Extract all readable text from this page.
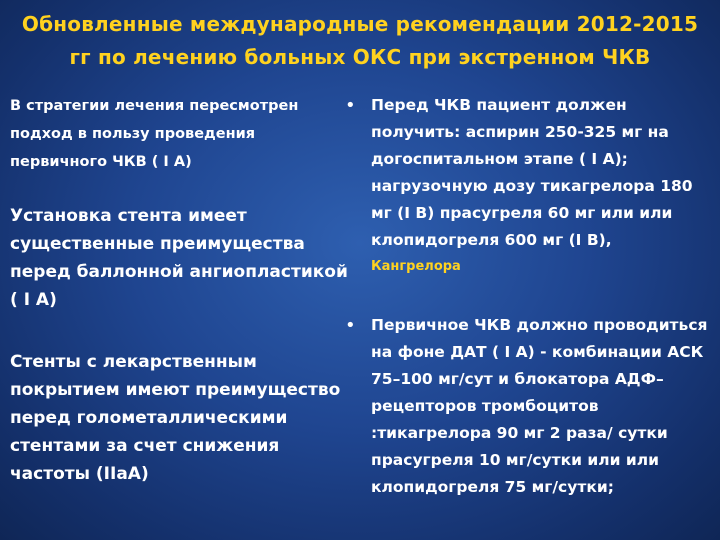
Обновленные международные рекомендации 2012-2015 гг по лечению больных ОКС при экстренном ЧКВ

В стратегии лечения пересмотрен подход в пользу проведения первичного ЧКВ ( I А)

Установка стента имеет существенные преимущества перед баллонной ангиопластикой ( I А)

Стенты с лекарственным покрытием имеют преимущество перед голометаллическими стентами за счет снижения частоты (IIaA)

• Перед ЧКВ пациент должен получить: аспирин 250-325 мг на догоспитальном этапе ( I А); нагрузочную дозу тикагрелора 180 мг (I B) прасугреля 60 мг или или клопидогреля 600 мг (I B),

Кангрелора
• Первичное ЧКВ должно проводиться на фоне ДАТ ( I А) - комбинации АСК 75–100 мг/сут и блокатора АДФ–рецепторов тромбоцитов :тикагрелора 90 мг 2 раза/ сутки прасугреля 10 мг/сутки или или клопидогреля 75 мг/сутки;
